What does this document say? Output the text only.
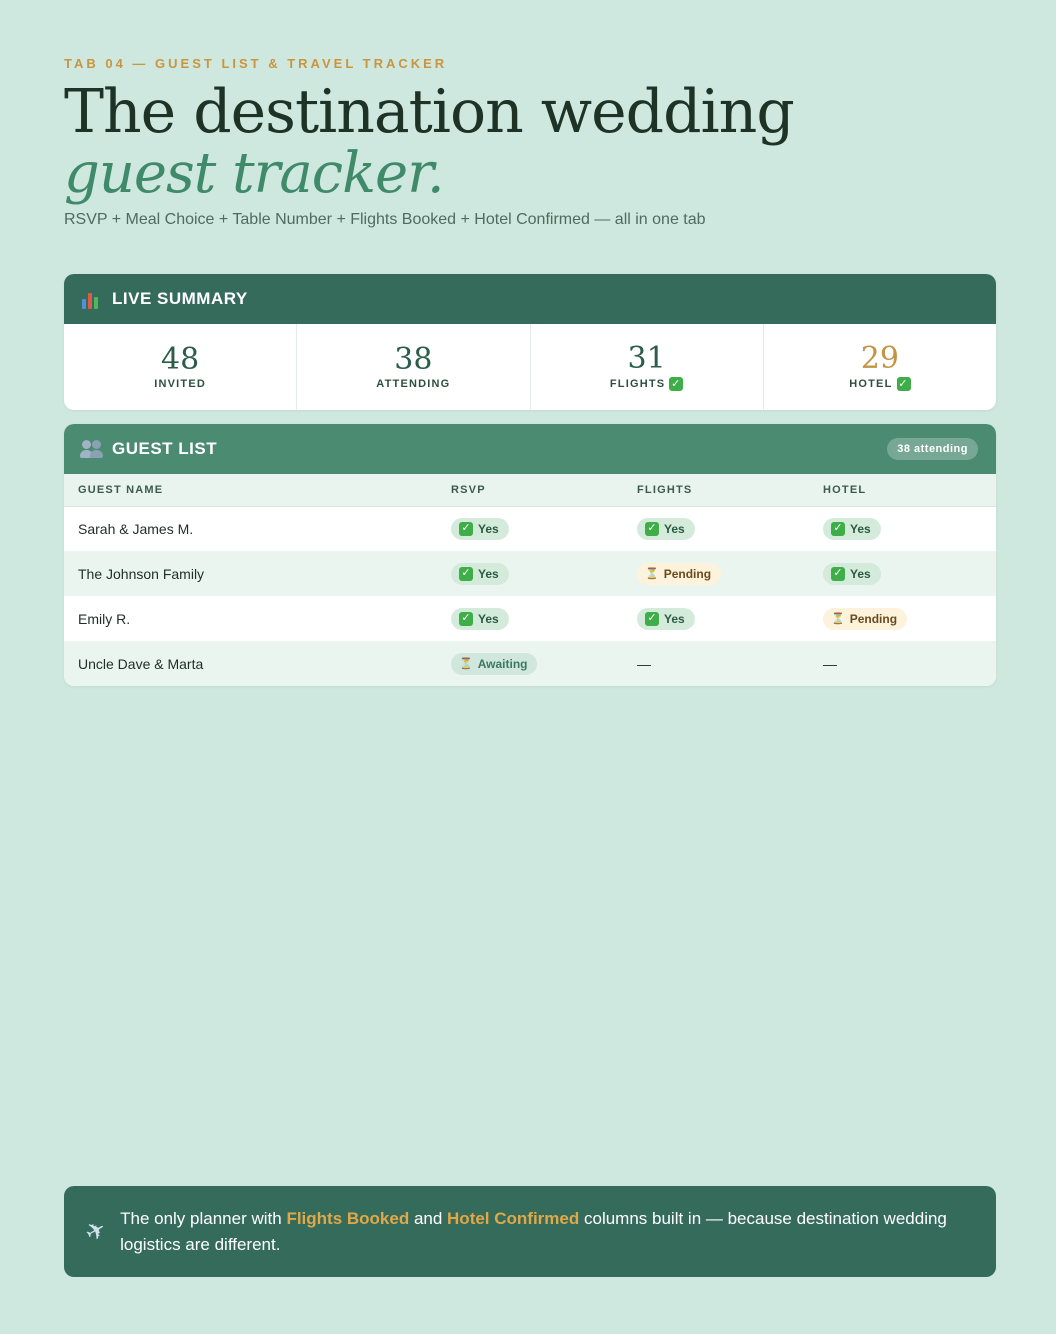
TAB 04 — GUEST LIST & TRAVEL TRACKER
The destination wedding
guest tracker.
RSVP + Meal Choice + Table Number + Flights Booked + Hotel Confirmed — all in one tab
LIVE SUMMARY
48
INVITED
38
ATTENDING
31
FLIGHTS ✓
29
HOTEL ✓
GUEST LIST	38 attending
GUEST NAME	RSVP	FLIGHTS	HOTEL
Sarah & James M.	✓ Yes	✓ Yes	✓ Yes

The Johnson Family	✓ Yes	⏳ Pending	✓ Yes

Emily R.	✓ Yes	✓ Yes	⏳ Pending

Uncle Dave & Marta	⏳ Awaiting	—	—
✈ The only planner with Flights Booked and Hotel Confirmed columns built in — because destination wedding logistics are different.
